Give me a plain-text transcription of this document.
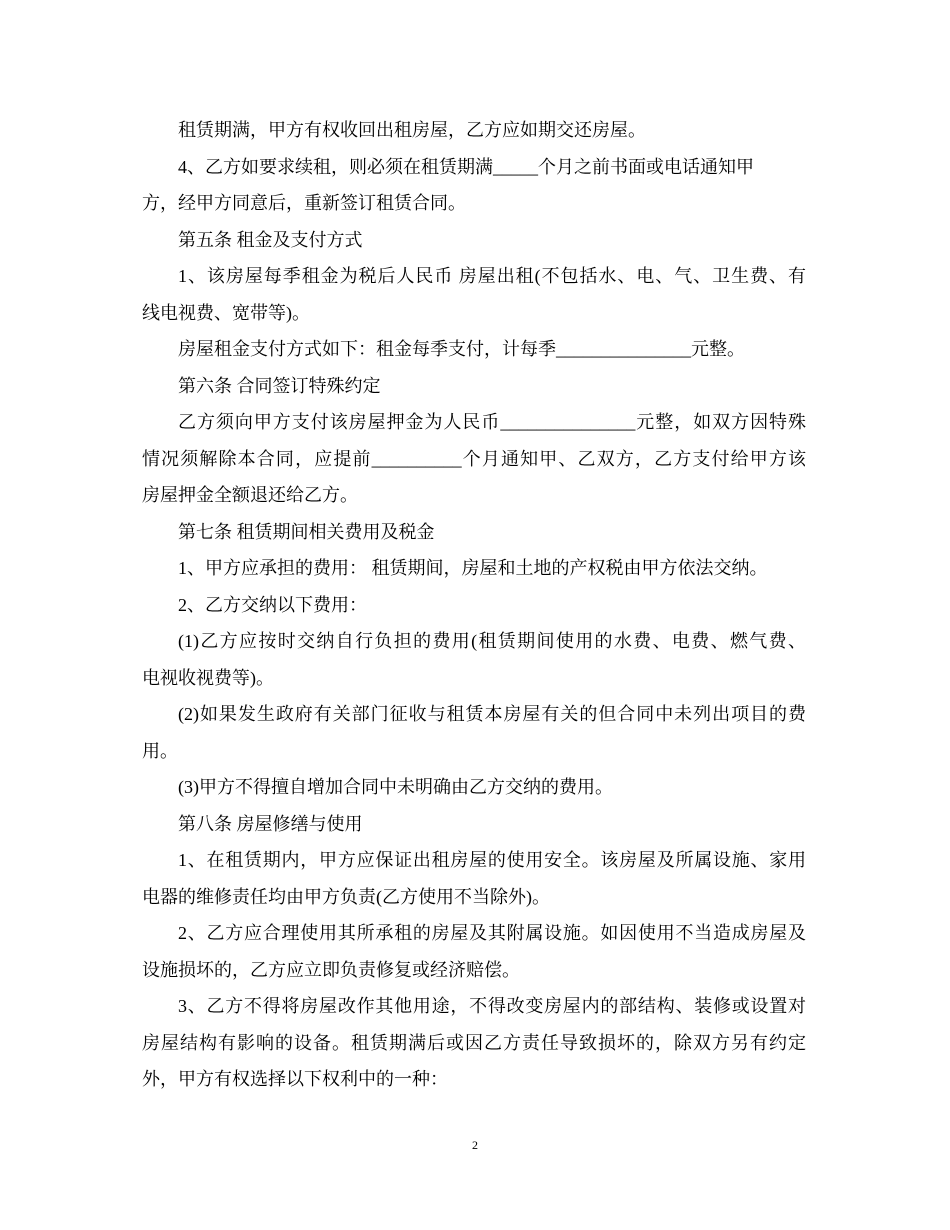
租赁期满，甲方有权收回出租房屋，乙方应如期交还房屋。
4、乙方如要求续租，则必须在租赁期满_____个月之前书面或电话通知甲
方，经甲方同意后，重新签订租赁合同。
第五条 租金及支付方式
1、该房屋每季租金为税后人民币 房屋出租(不包括水、电、气、卫生费、有
线电视费、宽带等)。
房屋租金支付方式如下：租金每季支付，计每季_______________元整。
第六条 合同签订特殊约定
乙方须向甲方支付该房屋押金为人民币_______________元整，如双方因特殊
情况须解除本合同，应提前__________个月通知甲、乙双方，乙方支付给甲方该
房屋押金全额退还给乙方。
第七条 租赁期间相关费用及税金
1、甲方应承担的费用： 租赁期间，房屋和土地的产权税由甲方依法交纳。
2、乙方交纳以下费用：
(1)乙方应按时交纳自行负担的费用(租赁期间使用的水费、电费、燃气费、
电视收视费等)。
(2)如果发生政府有关部门征收与租赁本房屋有关的但合同中未列出项目的费
用。
(3)甲方不得擅自增加合同中未明确由乙方交纳的费用。
第八条 房屋修缮与使用
1、在租赁期内，甲方应保证出租房屋的使用安全。该房屋及所属设施、家用
电器的维修责任均由甲方负责(乙方使用不当除外)。
2、乙方应合理使用其所承租的房屋及其附属设施。如因使用不当造成房屋及
设施损坏的，乙方应立即负责修复或经济赔偿。
3、乙方不得将房屋改作其他用途，不得改变房屋内的部结构、装修或设置对
房屋结构有影响的设备。租赁期满后或因乙方责任导致损坏的，除双方另有约定
外，甲方有权选择以下权利中的一种：
2
